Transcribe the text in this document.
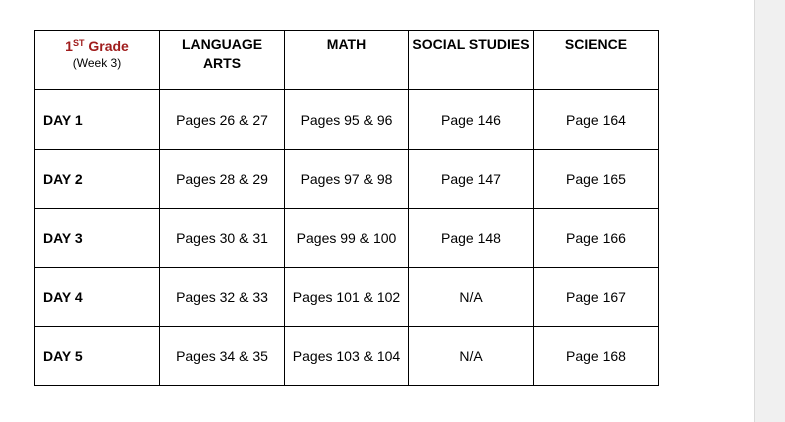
1ST Grade
(Week 3)	LANGUAGE ARTS	MATH	SOCIAL STUDIES	SCIENCE
DAY 1	Pages 26 & 27	Pages 95 & 96	Page 146	Page 164
DAY 2	Pages 28 & 29	Pages 97 & 98	Page 147	Page 165
DAY 3	Pages 30 & 31	Pages 99 & 100	Page 148	Page 166
DAY 4	Pages 32 & 33	Pages 101 & 102	N/A	Page 167
DAY 5	Pages 34 & 35	Pages 103 & 104	N/A	Page 168
